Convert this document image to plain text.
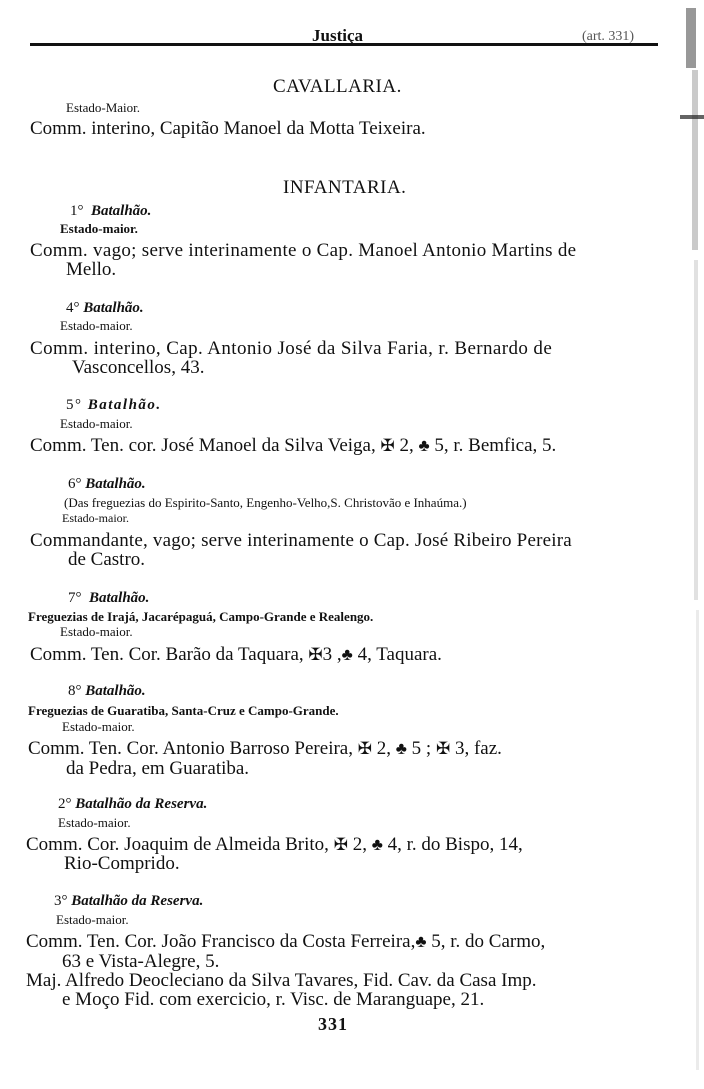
Justiça	(art. 331)
CAVALLARIA.
Estado-Maior.
Comm. interino, Capitão Manoel da Motta Teixeira.
INFANTARIA.
1° Batalhão.
Estado-maior.
Comm. vago; serve interinamente o Cap. Manoel Antonio Martins de
Mello.
4° Batalhão.
Estado-maior.
Comm. interino, Cap. Antonio José da Silva Faria, r. Bernardo de
Vasconcellos, 43.
5° Batalhão.
Estado-maior.
Comm. Ten. cor. José Manoel da Silva Veiga, ✠ 2, ♣ 5, r. Bemfica, 5.
6° Batalhão.
(Das freguezias do Espirito-Santo, Engenho-Velho,S. Christovão e Inhaúma.)
Estado-maior.
Commandante, vago; serve interinamente o Cap. José Ribeiro Pereira
de Castro.
7° Batalhão.
Freguezias de Irajá, Jacarépaguá, Campo-Grande e Realengo.
Estado-maior.
Comm. Ten. Cor. Barão da Taquara, ✠3 ,♣ 4, Taquara.
8° Batalhão.
Freguezias de Guaratiba, Santa-Cruz e Campo-Grande.
Estado-maior.
Comm. Ten. Cor. Antonio Barroso Pereira, ✠ 2, ♣ 5 ; ✠ 3, faz.
da Pedra, em Guaratiba.
2° Batalhão da Reserva.
Estado-maior.
Comm. Cor. Joaquim de Almeida Brito, ✠ 2, ♣ 4, r. do Bispo, 14,
Rio-Comprido.
3° Batalhão da Reserva.
Estado-maior.
Comm. Ten. Cor. João Francisco da Costa Ferreira,♣ 5, r. do Carmo,
63 e Vista-Alegre, 5.
Maj. Alfredo Deocleciano da Silva Tavares, Fid. Cav. da Casa Imp.
e Moço Fid. com exercicio, r. Visc. de Maranguape, 21.
331
